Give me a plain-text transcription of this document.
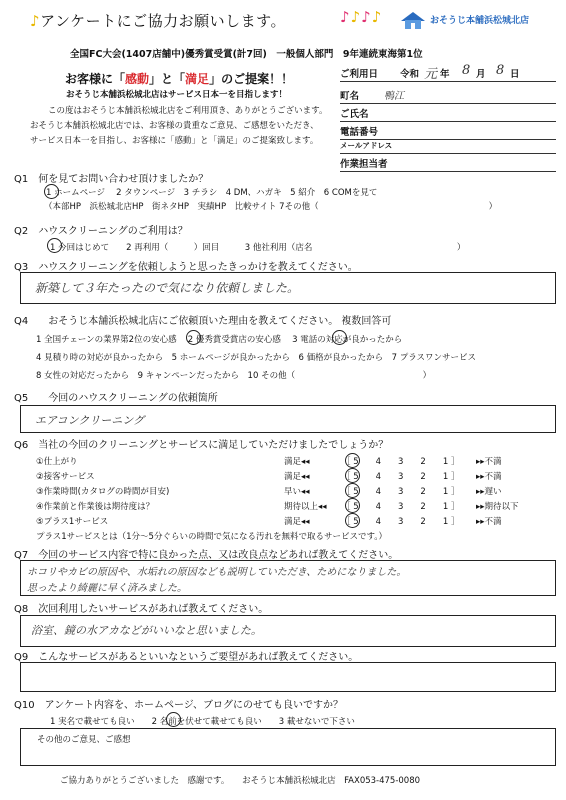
♪アンケートにご協力お願いします。	♪ ♪ ♪ ♪	おそうじ本舗 浜松城北店
全国FC大会(1407店舗中)優秀賞受賞(計7回)　一般個人部門　9年連続東海第1位
お客様に「感動」と「満足」のご提案！！
おそうじ本舗浜松城北店はサービス日本一を目指します！
この度はおそうじ本舗浜松城北店をご利用頂き、ありがとうございます。
おそうじ本舗浜松城北店では、お客様の貴重なご意見、ご感想をいただき、
サービス日本一を目指し、お客様に「感動」と「満足」のご提案致します。
ご利用日 令和 元 年 8 月 8 日
町名 鴨江
ご氏名
電話番号
メールアドレス
作業担当者
Q1　何を見てお問い合わせ頂けましたか？
1 ホームページ　 2 タウンページ　3 チラシ　4 DM、ハガキ　5 紹介　6 COMを見て
（本部HP　浜松城北店HP　街ネタHP　実績HP　比較サイト 7その他（　　　　　　　　　　　　　　　　　　　　）
Q2　ハウスクリーニングのご利用は？
1 今回はじめて　　2 再利用（　　　）回目　　　3 他社利用（店名　　　　　　　　　　　　　　　　　）
Q3　ハウスクリーニングを依頼しようと思ったきっかけを教えてください。
新築して３年たったので気になり依頼しました。
Q4　　おそうじ本舗浜松城北店にご依頼頂いた理由を教えてください。 複数回答可
1 全国チェーンの業界第2位の安心感　 2 優秀賞受賞店の安心感　 3 電話の対応が良かったから
4 見積り時の対応が良かったから　5 ホームページが良かったから　6 価格が良かったから　7 プラスワンサービス
8 女性の対応だったから　9 キャンペーンだったから　10 その他（　　　　　　　　　　　　　　　）
Q5　　今回のハウスクリーニングの依頼箇所
エアコンクリーニング
Q6　当社の今回のクリーニングとサービスに満足していただけましたでしょうか？
①仕上がり	満足◂◂	［ 5　　4　　3　　2　　1 ］ ▸▸不満
②接客サービス	満足◂◂	［ 5　　4　　3　　2　　1 ］ ▸▸不満
③作業時間(カタログの時間が目安)	早い◂◂	［ 5　　4　　3　　2　　1 ］ ▸▸遅い
④作業前と作業後は期待度は？	期待以上◂◂ ［ 5　　4　　3　　2　　1 ］ ▸▸期待以下
⑤プラス1サービス	満足◂◂	［ 5　　4　　3　　2　　1 ］ ▸▸不満
プラス1サービスとは（1分～5分ぐらいの時間で気になる汚れを無料で取るサービスです。）
Q7　今回のサービス内容で特に良かった点、又は改良点などあれば教えてください。
ホコリやカビの原因や、水垢れの原因なども説明していただき、ためになりました。
思ったより綺麗に早く済みました。
Q8　次回利用したいサービスがあれば教えてください。
浴室、鏡の水アカなどがいいなと思いました。
Q9　こんなサービスがあるといいなというご要望があれば教えてください。
Q10　アンケート内容を、ホームページ、ブログにのせても良いですか？
1 実名で載せても良い　　2 名前を伏せて載せても良い　　3 載せないで下さい
その他のご意見、ご感想
ご協力ありがとうございました　感謝です。　　おそうじ本舗浜松城北店　FAX053-475-0080
